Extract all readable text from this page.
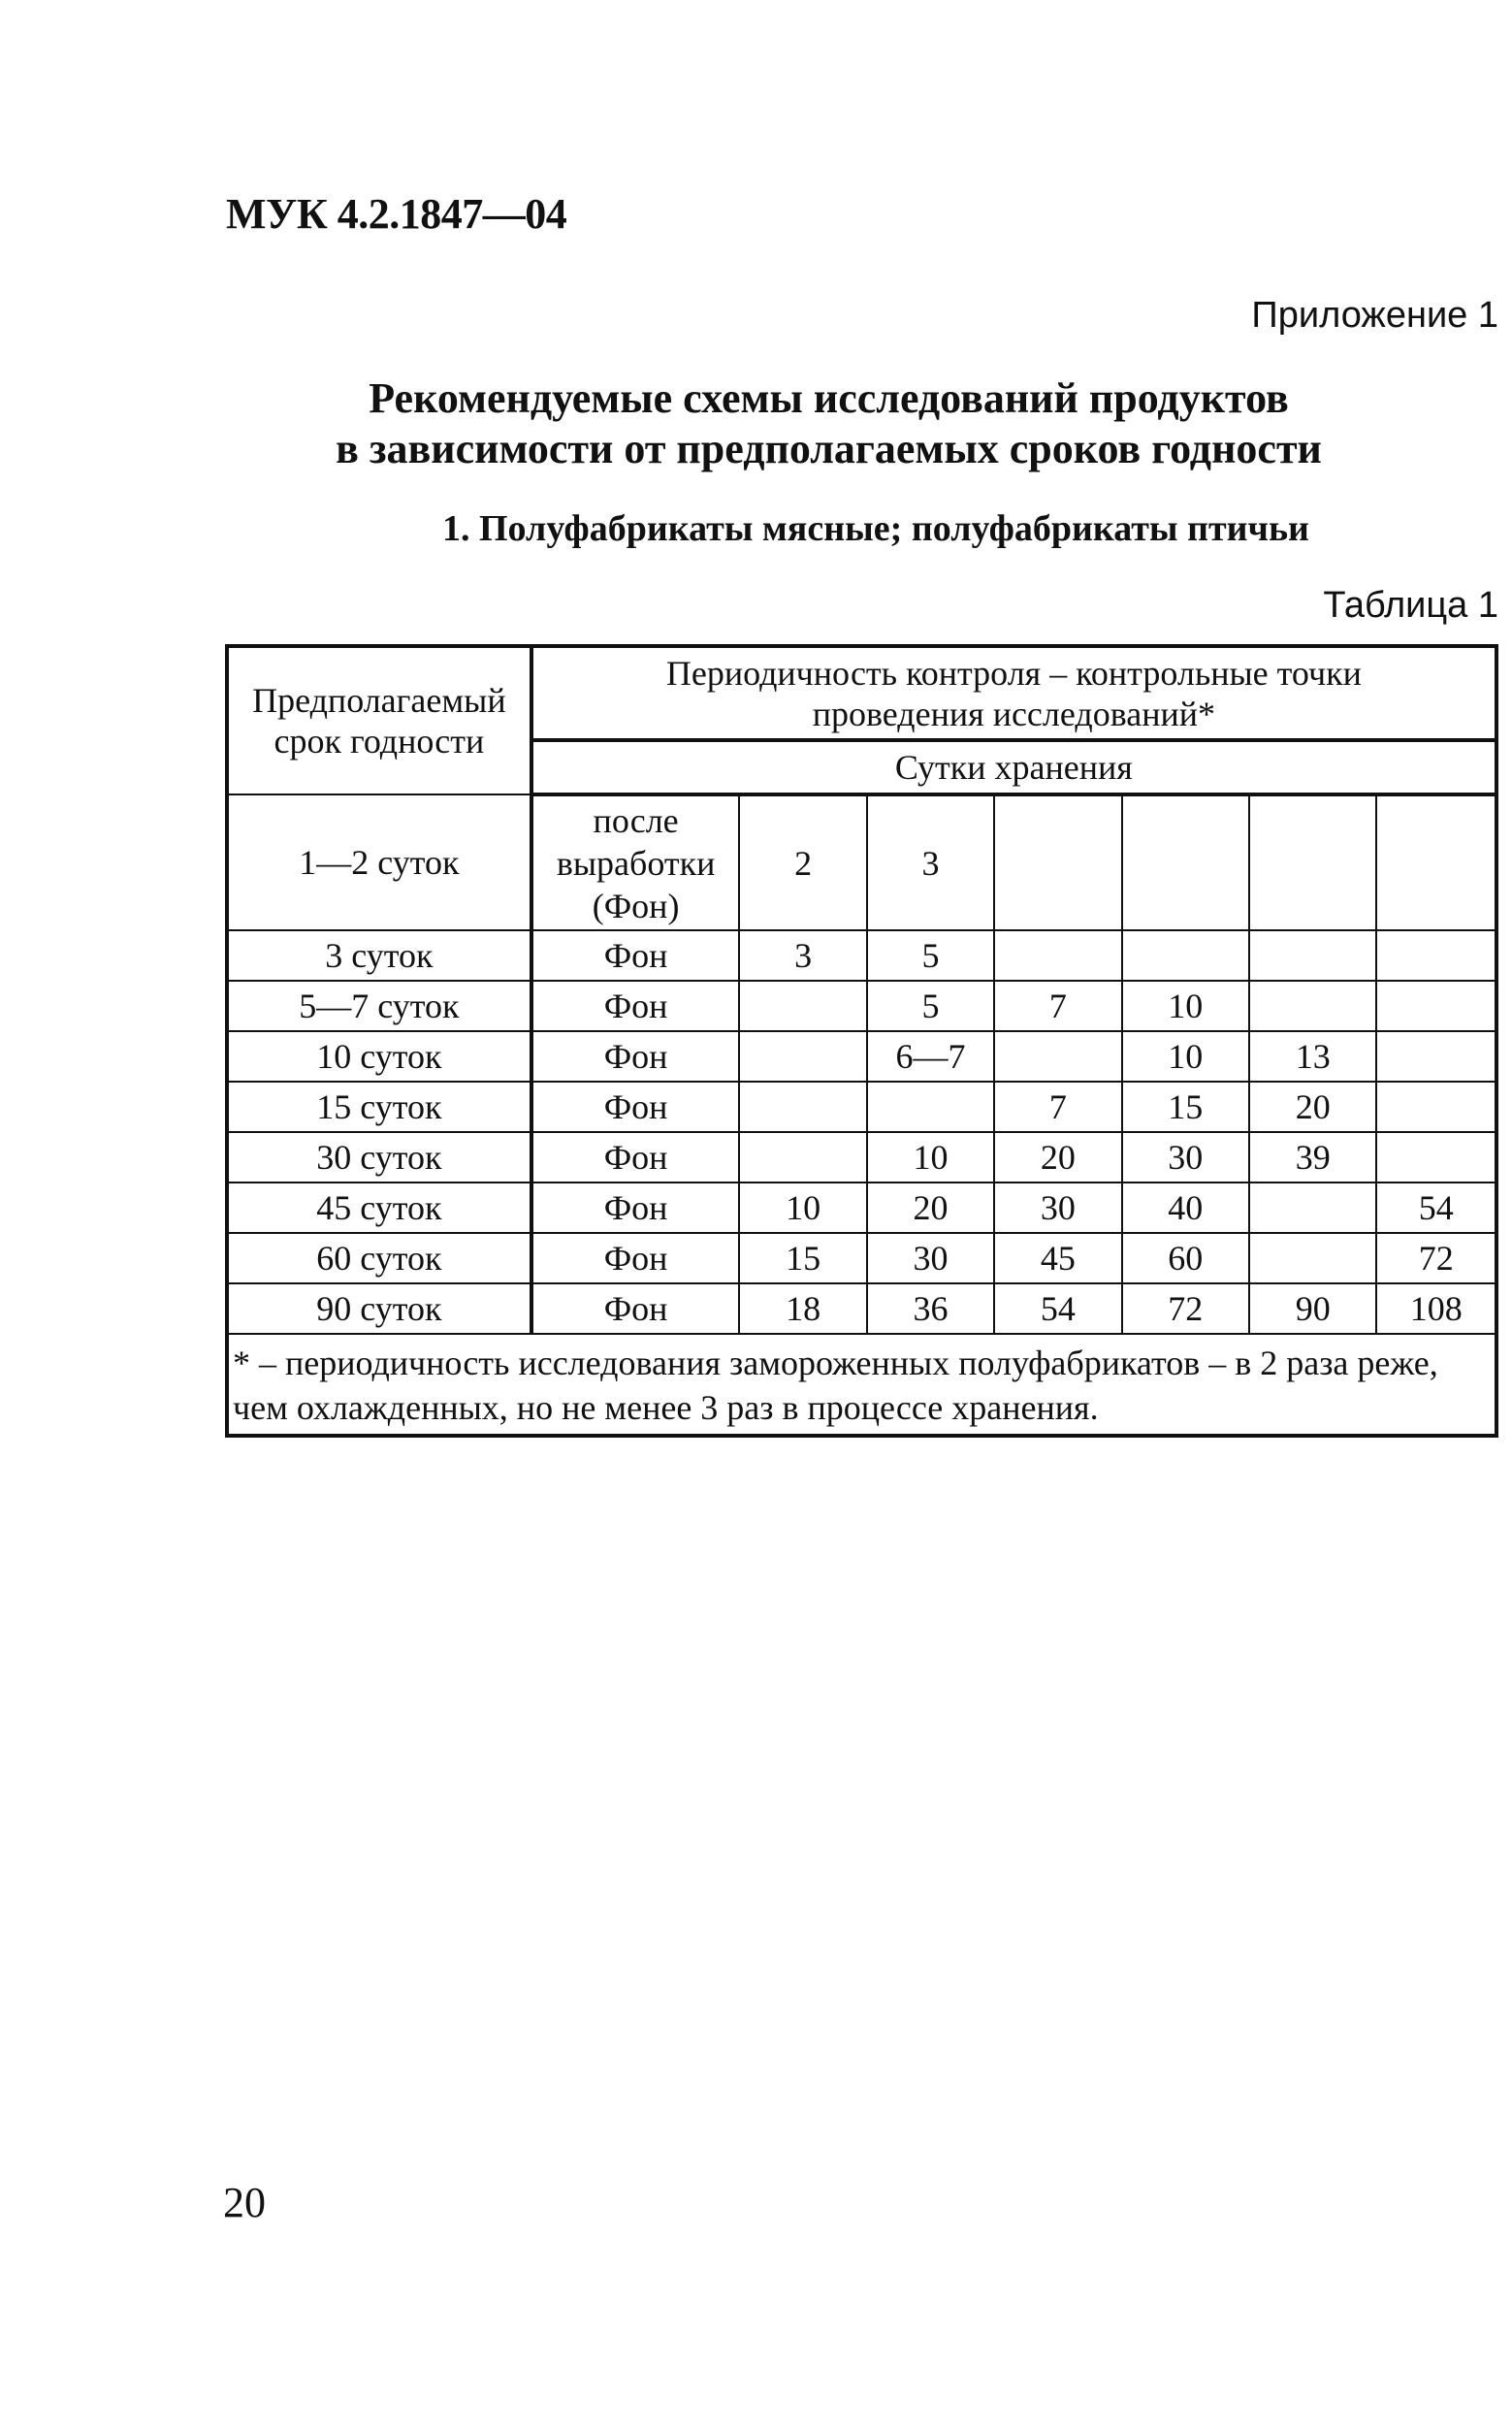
МУК 4.2.1847—04
Приложение 1
Рекомендуемые схемы исследований продуктов
в зависимости от предполагаемых сроков годности
1. Полуфабрикаты мясные; полуфабрикаты птичьи
Таблица 1
Предполагаемый срок годности	Периодичность контроля – контрольные точки проведения исследований*						
	Сутки хранения						
1—2 суток	после выработки (Фон)	2	3				
3 суток	Фон	3	5				
5—7 суток	Фон		5	7	10		
10 суток	Фон		6—7		10	13	
15 суток	Фон			7	15	20	
30 суток	Фон		10	20	30	39	
45 суток	Фон	10	20	30	40		54
60 суток	Фон	15	30	45	60		72
90 суток	Фон	18	36	54	72	90	108
* – периодичность исследования замороженных полуфабрикатов – в 2 раза реже, чем охлажденных, но не менее 3 раз в процессе хранения.							
20
